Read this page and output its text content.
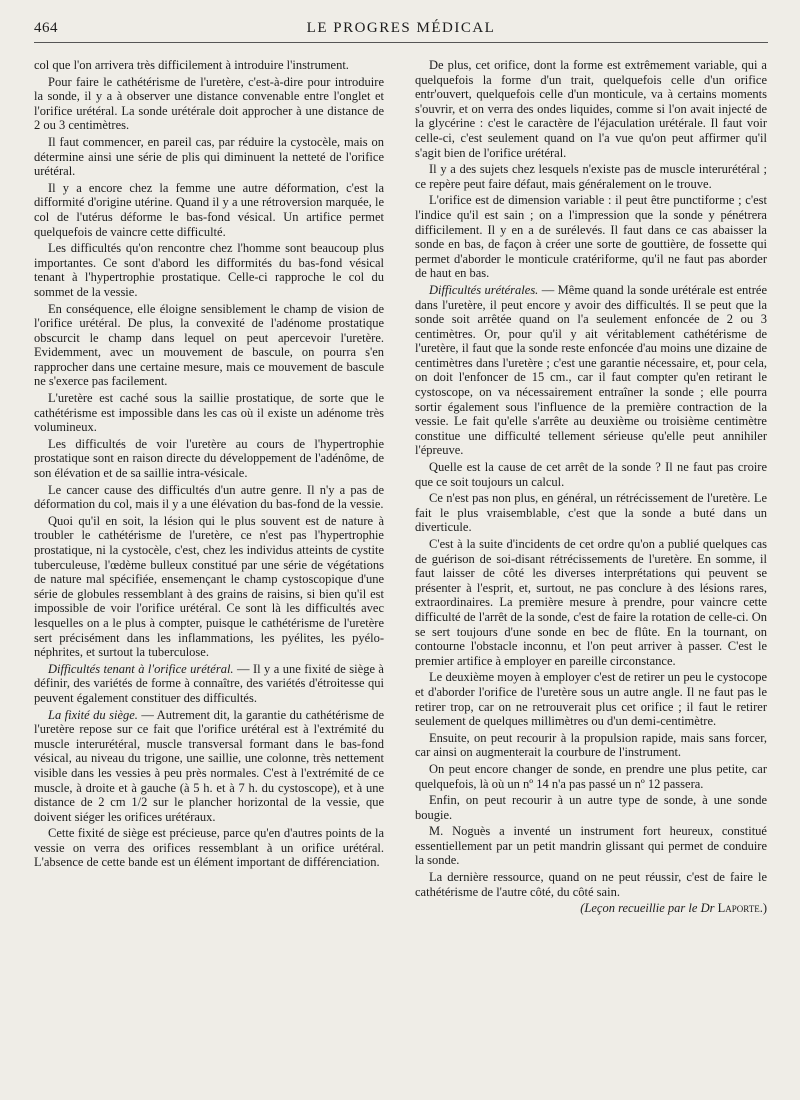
464	LE PROGRES MÉDICAL

col que l'on arrivera très difficilement à introduire l'instrument.

Pour faire le cathétérisme de l'uretère, c'est-à-dire pour introduire la sonde, il y a à observer une distance convenable entre l'onglet et l'orifice urétéral. La sonde urétérale doit approcher à une distance de 2 ou 3 centimètres.

Il faut commencer, en pareil cas, par réduire la cystocèle, mais on détermine ainsi une série de plis qui diminuent la netteté de l'orifice urétéral.

Il y a encore chez la femme une autre déformation, c'est la difformité d'origine utérine. Quand il y a une rétroversion marquée, le col de l'utérus déforme le bas-fond vésical. Un artifice permet quelquefois de vaincre cette difficulté.

Les difficultés qu'on rencontre chez l'homme sont beaucoup plus importantes. Ce sont d'abord les difformités du bas-fond vésical tenant à l'hypertrophie prostatique. Celle-ci rapproche le col du sommet de la vessie.

En conséquence, elle éloigne sensiblement le champ de vision de l'orifice urétéral. De plus, la convexité de l'adénome prostatique obscurcit le champ dans lequel on peut apercevoir l'uretère. Evidemment, avec un mouvement de bascule, on pourra s'en rapprocher dans une certaine mesure, mais ce mouvement de bascule ne s'exerce pas facilement.

L'uretère est caché sous la saillie prostatique, de sorte que le cathétérisme est impossible dans les cas où il existe un adénome très volumineux.

Les difficultés de voir l'uretère au cours de l'hypertrophie prostatique sont en raison directe du développement de l'adénôme, de son élévation et de sa saillie intra-vésicale.

Le cancer cause des difficultés d'un autre genre. Il n'y a pas de déformation du col, mais il y a une élévation du bas-fond de la vessie.

Quoi qu'il en soit, la lésion qui le plus souvent est de nature à troubler le cathétérisme de l'uretère, ce n'est pas l'hypertrophie prostatique, ni la cystocèle, c'est, chez les individus atteints de cystite tuberculeuse, l'œdème bulleux constitué par une série de végétations de nature mal spécifiée, ensemençant le champ cystoscopique d'une série de globules ressemblant à des grains de raisins, si bien qu'il est impossible de voir l'orifice urétéral. Ce sont là les difficultés avec lesquelles on a le plus à compter, puisque le cathétérisme de l'uretère sert précisément dans les inflammations, les pyélites, les pyélo-néphrites, et surtout la tuberculose.

Difficultés tenant à l'orifice urétéral. — Il y a une fixité de siège à définir, des variétés de forme à connaître, des variétés d'étroitesse qui peuvent également constituer des difficultés.

La fixité du siège. — Autrement dit, la garantie du cathétérisme de l'uretère repose sur ce fait que l'orifice urétéral est à l'extrémité du muscle interurétéral, muscle transversal formant dans le bas-fond vésical, au niveau du trigone, une saillie, une colonne, très nettement visible dans les vessies à peu près normales. C'est à l'extrémité de ce muscle, à droite et à gauche (à 5 h. et à 7 h. du cystoscope), et à une distance de 2 cm 1/2 sur le plancher horizontal de la vessie, que doivent siéger les orifices urétéraux.

Cette fixité de siège est précieuse, parce qu'en d'autres points de la vessie on verra des orifices ressemblant à un orifice urétéral. L'absence de cette bande est un élément important de différenciation.

De plus, cet orifice, dont la forme est extrêmement variable, qui a quelquefois la forme d'un trait, quelquefois celle d'un orifice entr'ouvert, quelquefois celle d'un monticule, va à certains moments s'ouvrir, et on verra des ondes liquides, comme si l'on avait injecté de la glycérine : c'est le caractère de l'éjaculation urétérale. Il faut voir celle-ci, c'est seulement quand on l'a vue qu'on peut affirmer qu'il s'agit bien de l'orifice urétéral.

Il y a des sujets chez lesquels n'existe pas de muscle interurétéral ; ce repère peut faire défaut, mais généralement on le trouve.

L'orifice est de dimension variable : il peut être punctiforme ; c'est l'indice qu'il est sain ; on a l'impression que la sonde y pénétrera difficilement. Il y en a de surélevés. Il faut dans ce cas abaisser la sonde en bas, de façon à créer une sorte de gouttière, de fossette qui permet d'aborder le monticule cratériforme, qu'il ne faut pas aborder de haut en bas.

Difficultés urétérales. — Même quand la sonde urétérale est entrée dans l'uretère, il peut encore y avoir des difficultés. Il se peut que la sonde soit arrêtée quand on l'a seulement enfoncée de 2 ou 3 centimètres. Or, pour qu'il y ait véritablement cathétérisme de l'uretère, il faut que la sonde reste enfoncée d'au moins une dizaine de centimètres dans l'uretère ; c'est une garantie nécessaire, et, pour cela, on doit l'enfoncer de 15 cm., car il faut compter qu'en retirant le cystoscope, on va nécessairement entraîner la sonde ; elle pourra sortir également sous l'influence de la première contraction de la vessie. Le fait qu'elle s'arrête au deuxième ou troisième centimètre constitue une difficulté tellement sérieuse qu'elle peut annihiler l'épreuve.

Quelle est la cause de cet arrêt de la sonde ? Il ne faut pas croire que ce soit toujours un calcul.

Ce n'est pas non plus, en général, un rétrécissement de l'uretère. Le fait le plus vraisemblable, c'est que la sonde a buté dans un diverticule.

C'est à la suite d'incidents de cet ordre qu'on a publié quelques cas de guérison de soi-disant rétrécissements de l'uretère. En somme, il faut laisser de côté les diverses interprétations qui peuvent se présenter à l'esprit, et, surtout, ne pas conclure à des lésions rares, extraordinaires. La première mesure à prendre, pour vaincre cette difficulté de l'arrêt de la sonde, c'est de faire la rotation de celle-ci. On se sert toujours d'une sonde en bec de flûte. En la tournant, on contourne l'obstacle inconnu, et l'on peut arriver à passer. C'est le premier artifice à employer en pareille circonstance.

Le deuxième moyen à employer c'est de retirer un peu le cystocope et d'aborder l'orifice de l'uretère sous un autre angle. Il ne faut pas le retirer trop, car on ne retrouverait plus cet orifice ; il faut le retirer seulement de quelques millimètres ou d'un demi-centimètre.

Ensuite, on peut recourir à la propulsion rapide, mais sans forcer, car ainsi on augmenterait la courbure de l'instrument.

On peut encore changer de sonde, en prendre une plus petite, car quelquefois, là où un nº 14 n'a pas passé un nº 12 passera.

Enfin, on peut recourir à un autre type de sonde, à une sonde bougie.

M. Noguès a inventé un instrument fort heureux, constitué essentiellement par un petit mandrin glissant qui permet de conduire la sonde.

La dernière ressource, quand on ne peut réussir, c'est de faire le cathétérisme de l'autre côté, du côté sain.

(Leçon recueillie par le Dr Laporte.)
